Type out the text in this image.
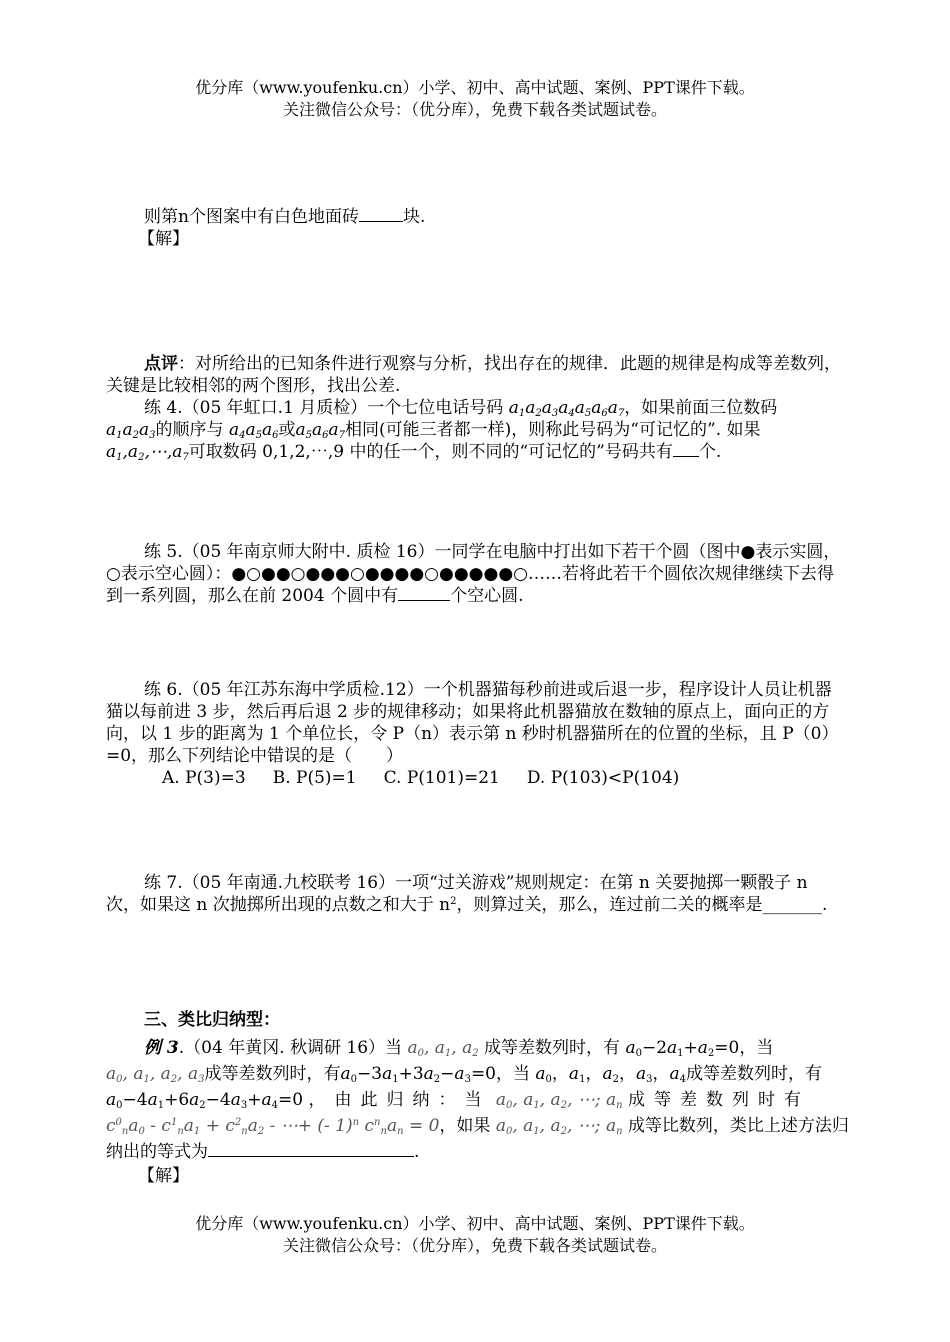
优分库（www.youfenku.cn）小学、初中、高中试题、案例、PPT课件下载。
关注微信公众号：（优分库），免费下载各类试题试卷。
则第n个图案中有白色地面砖	块.
【解】
点评：对所给出的已知条件进行观察与分析，找出存在的规律．此题的规律是构成等差数列，关键是比较相邻的两个图形，找出公差.
练 4.（05 年虹口.1 月质检）一个七位电话号码 $a_1a_2a_3a_4a_5a_6a_7$，如果前面三位数码
$a_1a_2a_3$的顺序与 $a_4a_5a_6$或$a_5a_6a_7$相同(可能三者都一样)，则称此号码为“可记忆的”. 如果
$a_1,a_2,\cdots,a_7$可取数码 0,1,2,⋯,9 中的任一个，则不同的“可记忆的”号码共有 个.
练 5.（05 年南京师大附中. 质检 16）一同学在电脑中打出如下若干个圆（图中●表示实圆，○表示空心圆）：●○●●○●●●○●●●●○●●●●●○……若将此若干个圆依次规律继续下去得到一系列圆，那么在前 2004 个圆中有	个空心圆.
练 6.（05 年江苏东海中学质检.12）一个机器猫每秒前进或后退一步，程序设计人员让机器猫以每前进 3 步，然后再后退 2 步的规律移动；如果将此机器猫放在数轴的原点上，面向正的方向，以 1 步的距离为 1 个单位长，令 P（n）表示第 n 秒时机器猫所在的位置的坐标，且 P（0）=0，那么下列结论中错误的是（　　）
A. P(3)=3 B. P(5)=1 C. P(101)=21 D. P(103)<P(104)
练 7.（05 年南通.九校联考 16）一项“过关游戏”规则规定：在第 n 关要抛掷一颗骰子 n 次，如果这 n 次抛掷所出现的点数之和大于 $n^2$，则算过关，那么，连过前二关的概率是_______.
三、类比归纳型：
例 3.（04 年黄冈. 秋调研 16）当 $a_0$, $a_1$, $a_2$ 成等差数列时，有 $a_0-2a_1+a_2=0$，当
$a_0$, $a_1$, $a_2$, $a_3$成等差数列时，有$a_0-3a_1+3a_2-a_3=0$，当 $a_0$，$a_1$，$a_2$，$a_3$，$a_4$成等差数列时，有
$a_0-4a_1+6a_2-4a_3+a_4=0$ ，由此归纳：当 $a_0$, $a_1$, $a_2$, ⋯; $a_n$ 成等差数列时有
$c^0_na_0 - c^1_na_1 + c^2_na_2$ - ⋯+ (- 1)$^n$ $c^n_na_n = 0$，如果 $a_0$, $a_1$, $a_2$, ⋯; $a_n$ 成等比数列，类比上述方法归
纳出的等式为	.
【解】
优分库（www.youfenku.cn）小学、初中、高中试题、案例、PPT课件下载。
关注微信公众号：（优分库），免费下载各类试题试卷。
